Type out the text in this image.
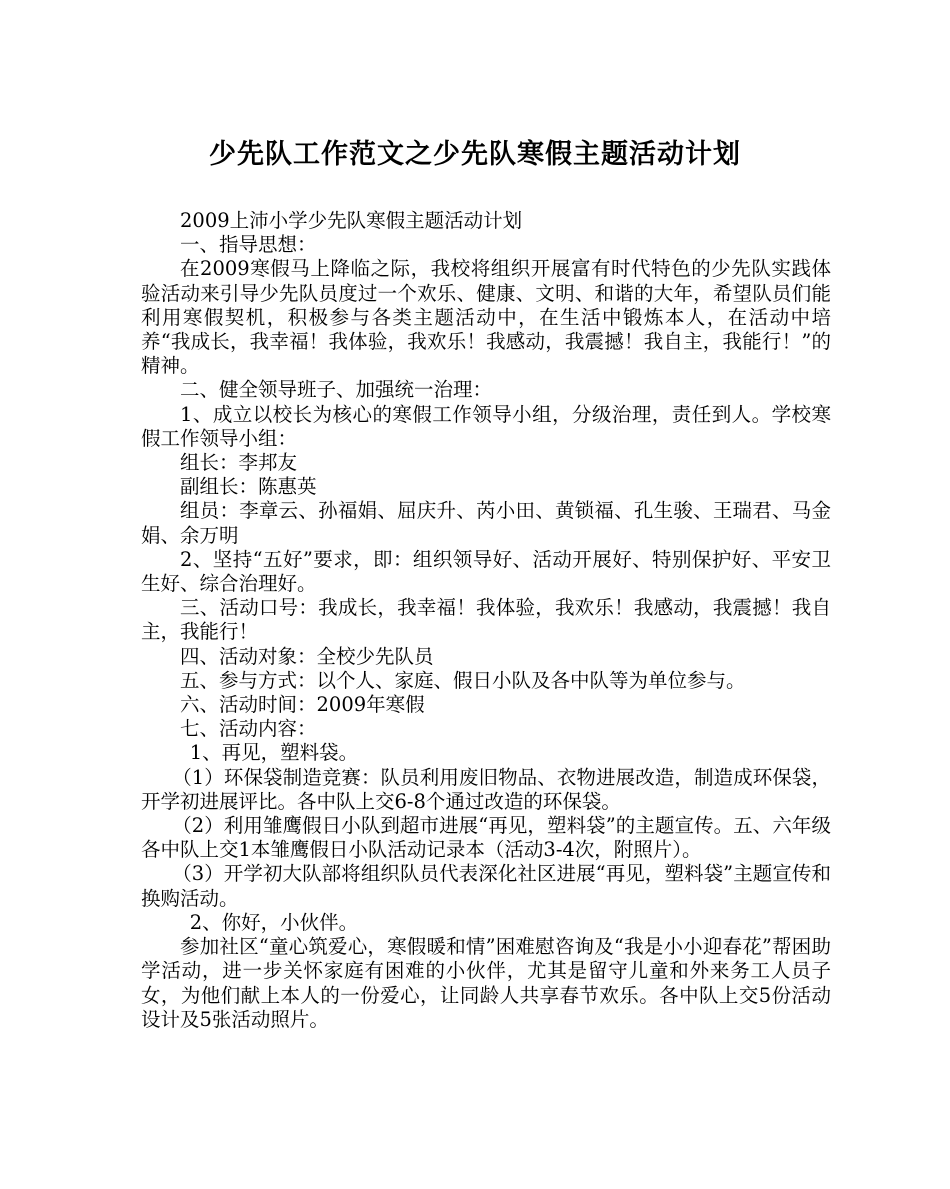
少先队工作范文之少先队寒假主题活动计划

2009上沛小学少先队寒假主题活动计划

一、指导思想：

在2009寒假马上降临之际，我校将组织开展富有时代特色的少先队实践体验活动来引导少先队员度过一个欢乐、健康、文明、和谐的大年，希望队员们能利用寒假契机，积极参与各类主题活动中，在生活中锻炼本人，在活动中培养“我成长，我幸福！我体验，我欢乐！我感动，我震撼！我自主，我能行！”的精神。

二、健全领导班子、加强统一治理：

1、成立以校长为核心的寒假工作领导小组，分级治理，责任到人。学校寒假工作领导小组：

组长：李邦友

副组长：陈惠英

组员：李章云、孙福娟、屈庆升、芮小田、黄锁福、孔生骏、王瑞君、马金娟、余万明

2、坚持“五好”要求，即：组织领导好、活动开展好、特别保护好、平安卫生好、综合治理好。

三、活动口号：我成长，我幸福！我体验，我欢乐！我感动，我震撼！我自主，我能行！

四、活动对象：全校少先队员

五、参与方式：以个人、家庭、假日小队及各中队等为单位参与。

六、活动时间：2009年寒假

七、活动内容：

1、再见，塑料袋。

（1）环保袋制造竞赛：队员利用废旧物品、衣物进展改造，制造成环保袋，开学初进展评比。各中队上交6-8个通过改造的环保袋。

（2）利用雏鹰假日小队到超市进展“再见，塑料袋”的主题宣传。五、六年级各中队上交1本雏鹰假日小队活动记录本（活动3-4次，附照片）。

（3）开学初大队部将组织队员代表深化社区进展“再见，塑料袋”主题宣传和换购活动。

2、你好，小伙伴。

参加社区“童心筑爱心，寒假暖和情”困难慰咨询及“我是小小迎春花”帮困助学活动，进一步关怀家庭有困难的小伙伴，尤其是留守儿童和外来务工人员子女，为他们献上本人的一份爱心，让同龄人共享春节欢乐。各中队上交5份活动设计及5张活动照片。
